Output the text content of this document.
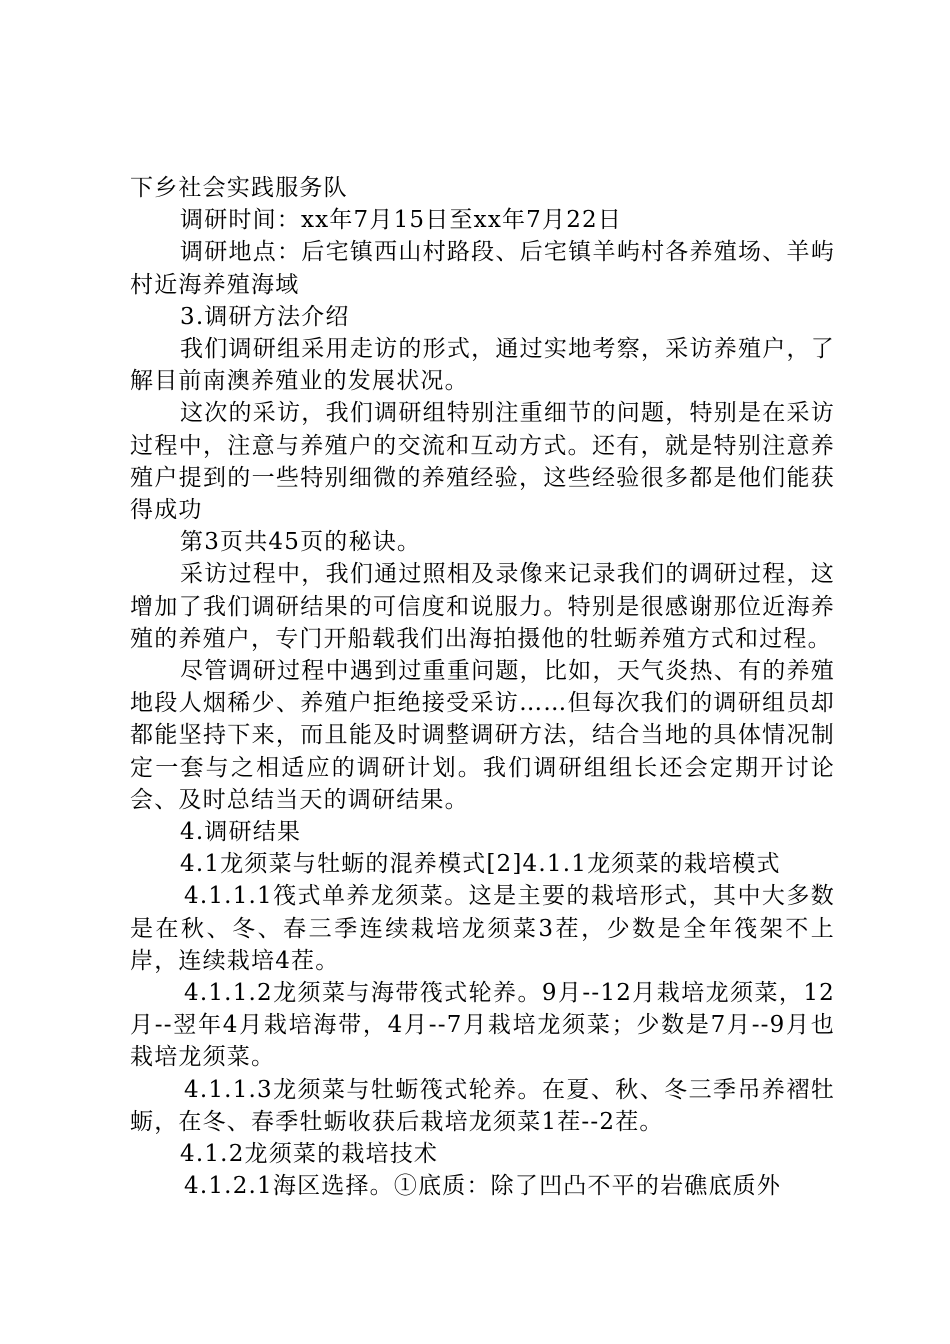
下乡社会实践服务队

调研时间：xx年7月15日至xx年7月22日

调研地点：后宅镇西山村路段、后宅镇羊屿村各养殖场、羊屿村近海养殖海域

3.调研方法介绍

我们调研组采用走访的形式，通过实地考察，采访养殖户，了解目前南澳养殖业的发展状况。

这次的采访，我们调研组特别注重细节的问题，特别是在采访过程中，注意与养殖户的交流和互动方式。还有，就是特别注意养殖户提到的一些特别细微的养殖经验，这些经验很多都是他们能获得成功

第3页共45页的秘诀。

采访过程中，我们通过照相及录像来记录我们的调研过程，这增加了我们调研结果的可信度和说服力。特别是很感谢那位近海养殖的养殖户，专门开船载我们出海拍摄他的牡蛎养殖方式和过程。

尽管调研过程中遇到过重重问题，比如，天气炎热、有的养殖地段人烟稀少、养殖户拒绝接受采访……但每次我们的调研组员却都能坚持下来，而且能及时调整调研方法，结合当地的具体情况制定一套与之相适应的调研计划。我们调研组组长还会定期开讨论会、及时总结当天的调研结果。

4.调研结果

4.1龙须菜与牡蛎的混养模式[2]4.1.1龙须菜的栽培模式

4.1.1.1筏式单养龙须菜。这是主要的栽培形式，其中大多数是在秋、冬、春三季连续栽培龙须菜3茬，少数是全年筏架不上岸，连续栽培4茬。

4.1.1.2龙须菜与海带筏式轮养。9月--12月栽培龙须菜，12月--翌年4月栽培海带，4月--7月栽培龙须菜；少数是7月--9月也栽培龙须菜。

4.1.1.3龙须菜与牡蛎筏式轮养。在夏、秋、冬三季吊养褶牡蛎，在冬、春季牡蛎收获后栽培龙须菜1茬--2茬。

4.1.2龙须菜的栽培技术

4.1.2.1海区选择。①底质：除了凹凸不平的岩礁底质外
